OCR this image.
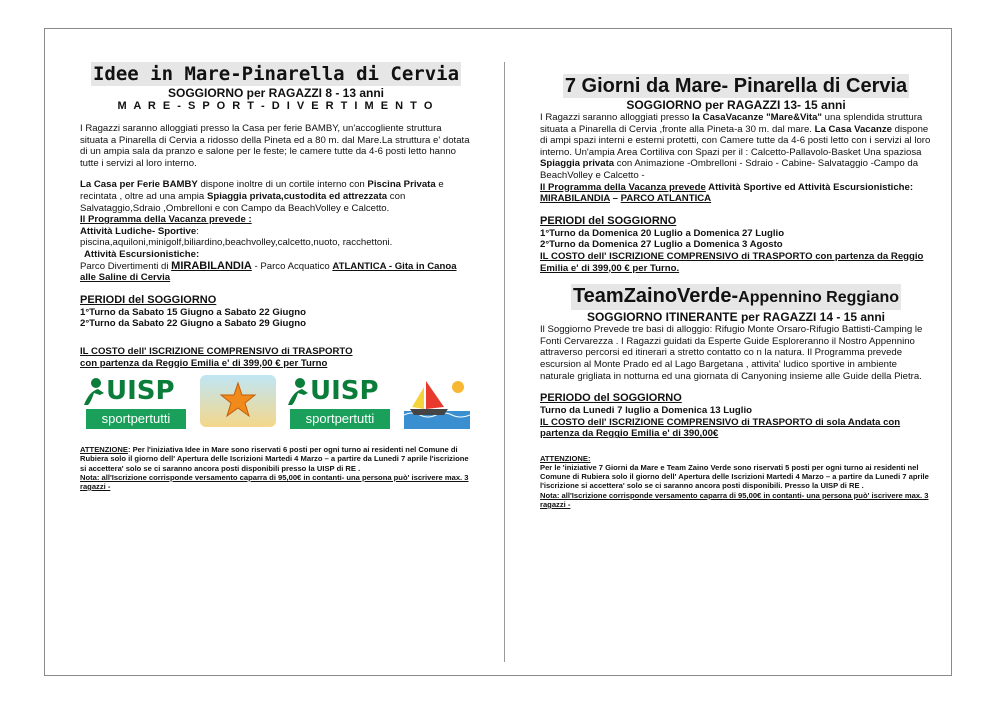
Idee in Mare-Pinarella di Cervia
SOGGIORNO per RAGAZZI 8 - 13 anni
M A R E - S P O R T - D I V E R T I M E N T O

I Ragazzi saranno alloggiati presso la Casa per ferie BAMBY, un'accogliente struttura situata a Pinarella di Cervia a ridosso della Pineta ed a 80 m. dal Mare.La struttura e' dotata di un ampia sala da pranzo e salone per le feste; le camere tutte da 4-6 posti letto hanno tutte i servizi al loro interno.

La Casa per Ferie BAMBY dispone inoltre di un cortile interno con Piscina Privata e recintata , oltre ad una ampia Spiaggia privata,custodita ed attrezzata con Salvataggio,Sdraio ,Ombrelloni e con Campo da BeachVolley e Calcetto.

Il Programma della Vacanza prevede :

Attività Ludiche- Sportive:

piscina,aquiloni,minigolf,biliardino,beachvolley,calcetto,nuoto, racchettoni.

Attività Escursionistiche:

Parco Divertimenti di MIRABILANDIA - Parco Acquatico ATLANTICA - Gita in Canoa alle Saline di Cervia

PERIODI del SOGGIORNO

1°Turno da Sabato 15 Giugno a Sabato 22 Giugno

2°Turno da Sabato 22 Giugno a Sabato 29 Giugno

IL COSTO dell' ISCRIZIONE COMPRENSIVO di TRASPORTO

con partenza da Reggio Emilia e' di 399,00 € per Turno

UISP
sportpertutti
UISP
sportpertutti

ATTENZIONE: Per l'iniziativa Idee in Mare sono riservati 6 posti per ogni turno ai residenti nel Comune di Rubiera solo il giorno dell' Apertura delle Iscrizioni Martedi 4 Marzo – a partire da Lunedi 7 aprile l'iscrizione si accettera' solo se ci saranno ancora posti disponibili presso la UISP di RE .

Nota: all'Iscrizione corrisponde versamento caparra di 95,00€ in contanti- una persona può' iscrivere max. 3 ragazzi -

7 Giorni da Mare- Pinarella di Cervia
SOGGIORNO per RAGAZZI 13- 15 anni

I Ragazzi saranno alloggiati presso la CasaVacanze "Mare&Vita" una splendida struttura situata a Pinarella di Cervia ,fronte alla Pineta-a 30 m. dal mare. La Casa Vacanze dispone di ampi spazi interni e esterni protetti, con Camere tutte da 4-6 posti letto con i servizi al loro interno. Un'ampia Area Cortiliva con Spazi per il : Calcetto-Pallavolo-Basket Una spaziosa Spiaggia privata con Animazione -Ombrelloni - Sdraio - Cabine- Salvataggio -Campo da BeachVolley e Calcetto -

Il Programma della Vacanza prevede Attività Sportive ed Attività Escursionistiche: MIRABILANDIA – PARCO ATLANTICA

PERIODI del SOGGIORNO

1°Turno da Domenica 20 Luglio a Domenica 27 Luglio

2°Turno da Domenica 27 Luglio a Domenica 3 Agosto

IL COSTO dell' ISCRIZIONE COMPRENSIVO di TRASPORTO con partenza da Reggio Emilia e' di 399,00 € per Turno.

TeamZainoVerde-Appennino Reggiano
SOGGIORNO ITINERANTE per RAGAZZI 14 - 15 anni

Il Soggiorno Prevede tre basi di alloggio: Rifugio Monte Orsaro-Rifugio Battisti-Camping le Fonti Cervarezza . I Ragazzi guidati da Esperte Guide Esploreranno il Nostro Appennino attraverso percorsi ed itinerari a stretto contatto co n la natura. Il Programma prevede escursion al Monte Prado ed al Lago Bargetana , attivita' ludico sportive in ambiente naturale grigliata in notturna ed una giornata di Canyoning insieme alle Guide della Pietra.

PERIODO del SOGGIORNO

Turno da Lunedi 7 luglio a Domenica 13 Luglio

IL COSTO dell' ISCRIZIONE COMPRENSIVO di TRASPORTO di sola Andata con partenza da Reggio Emilia e' di 390,00€

ATTENZIONE:

Per le 'iniziative 7 Giorni da Mare e Team Zaino Verde sono riservati 5 posti per ogni turno ai residenti nel Comune di Rubiera solo il giorno dell' Apertura delle Iscrizioni Martedi 4 Marzo – a partire da Lunedi 7 aprile l'iscrizione si accettera' solo se ci saranno ancora posti disponibili. Presso la UISP di RE .

Nota: all'Iscrizione corrisponde versamento caparra di 95,00€ in contanti- una persona può' iscrivere max. 3 ragazzi -
